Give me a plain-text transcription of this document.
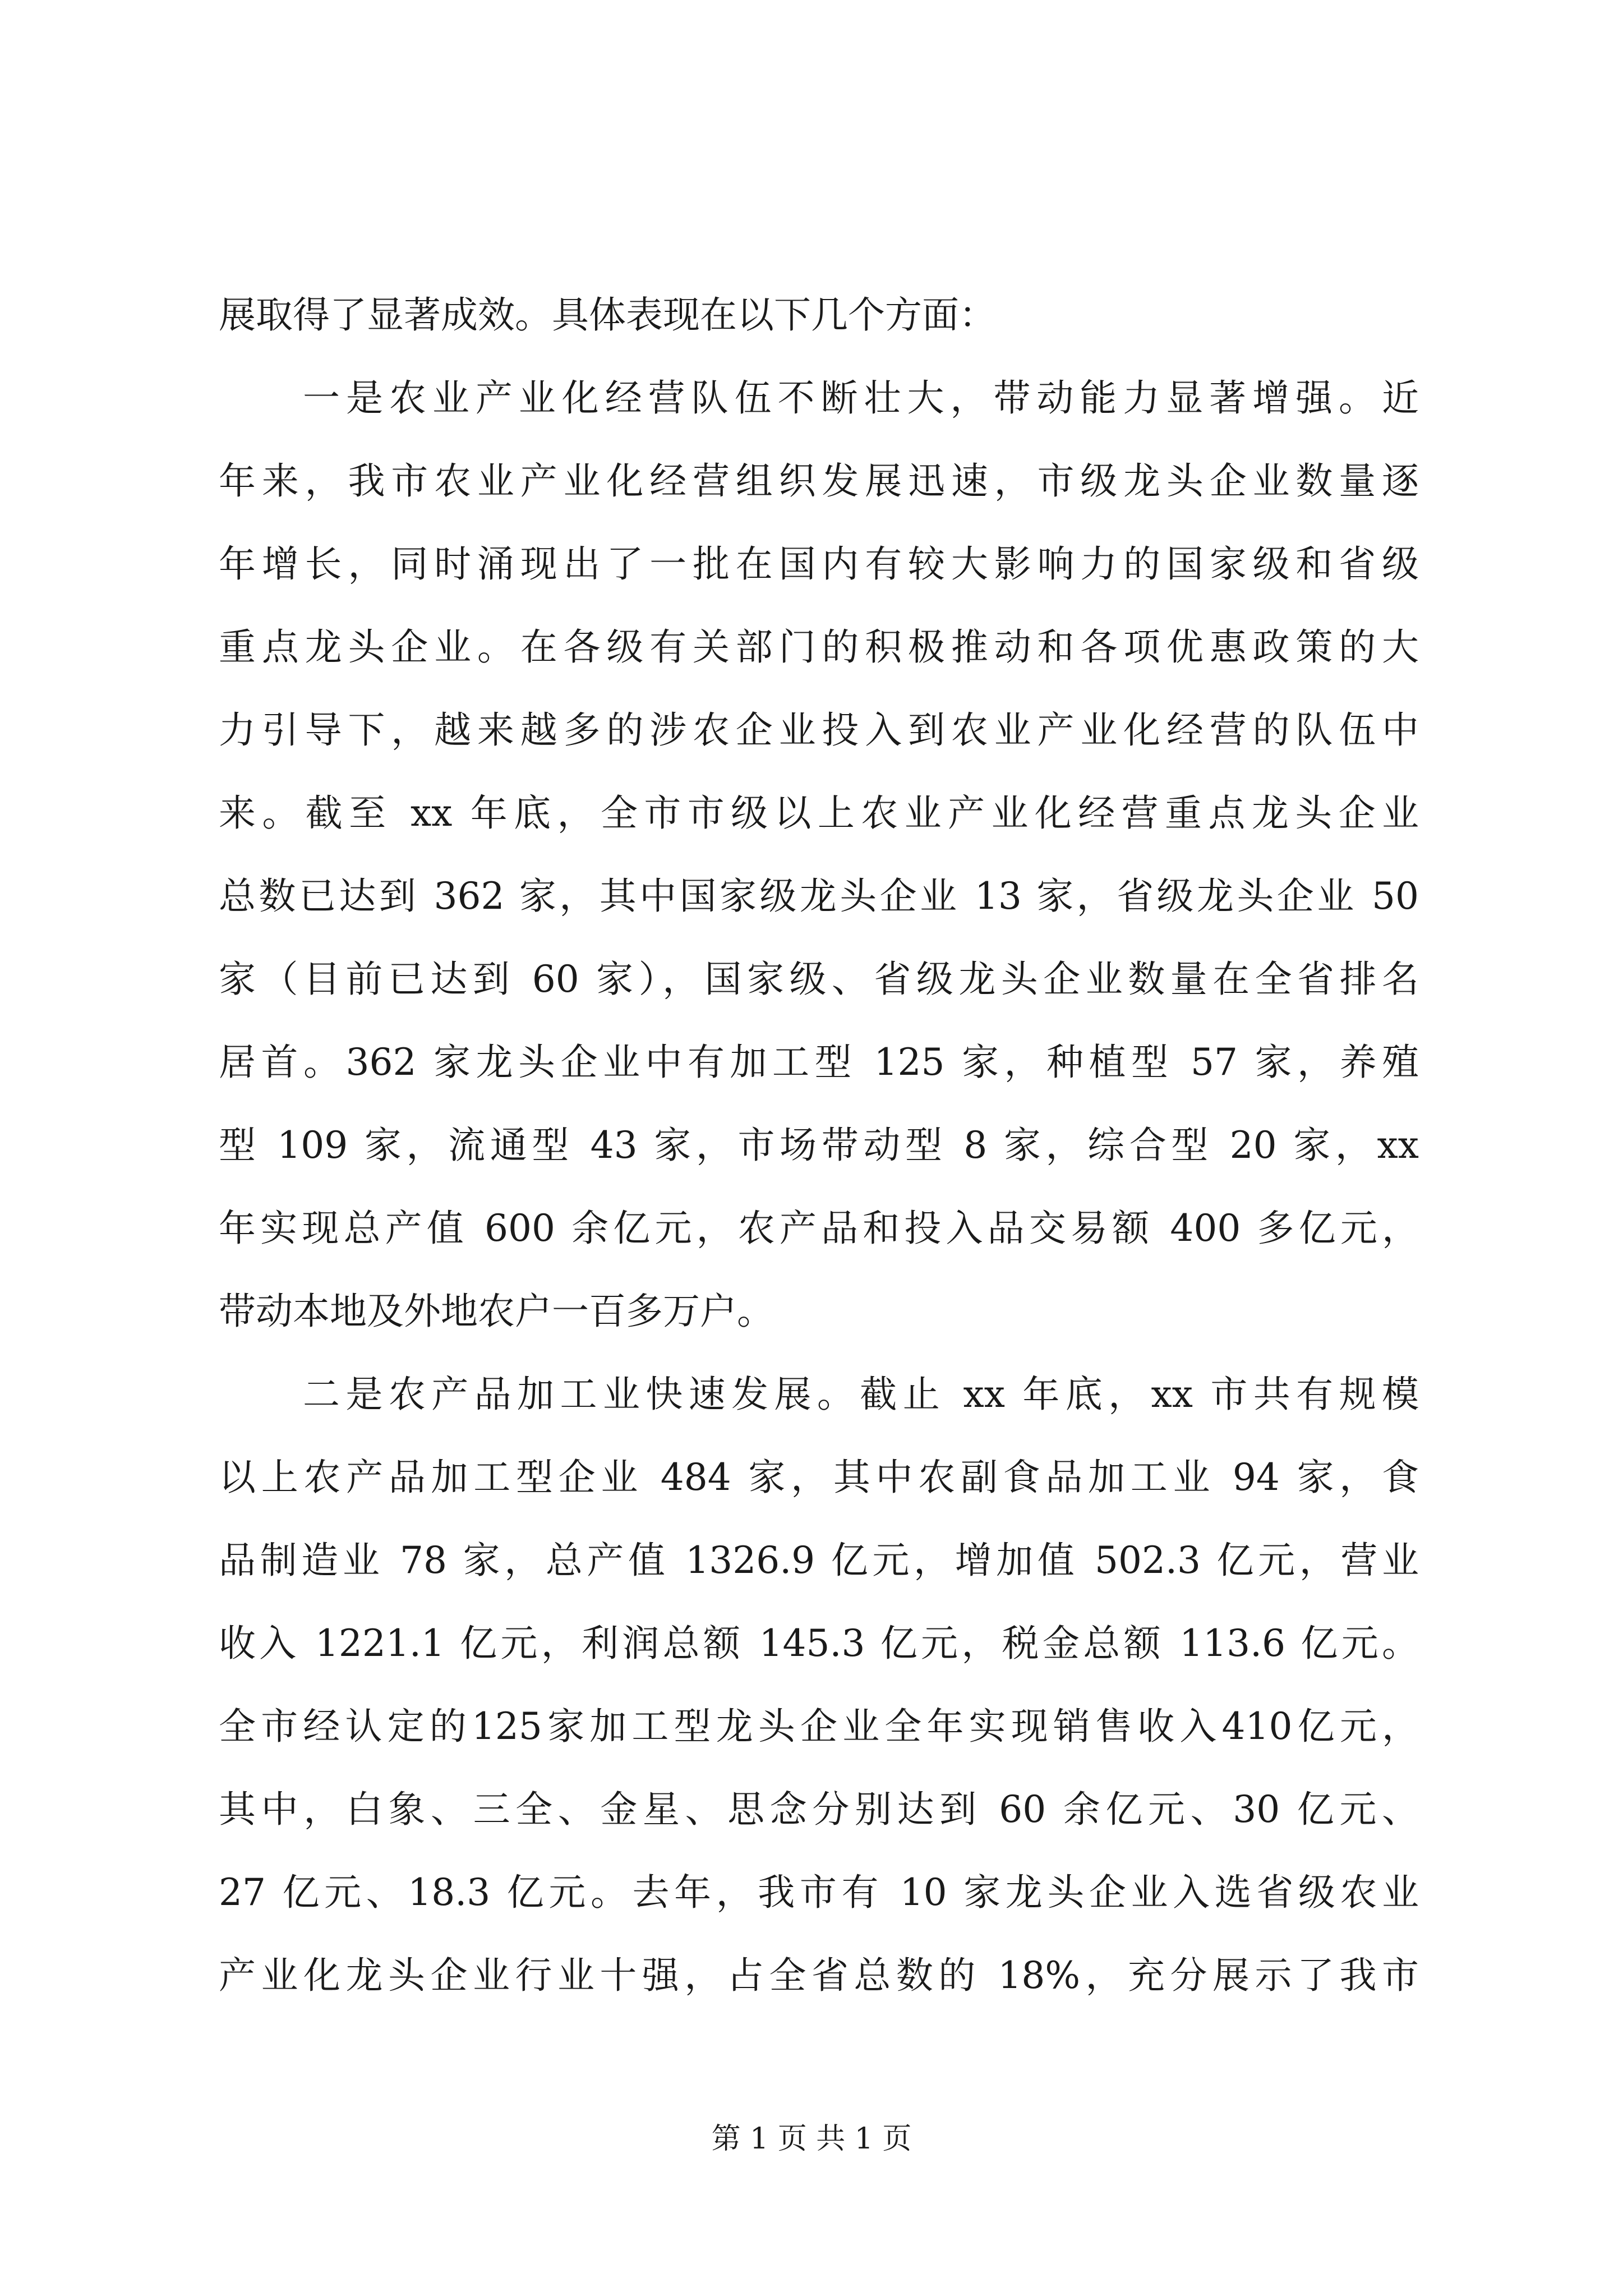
展取得了显著成效。具体表现在以下几个方面：
一是农业产业化经营队伍不断壮大，带动能力显著增强。近
年来，我市农业产业化经营组织发展迅速，市级龙头企业数量逐
年增长，同时涌现出了一批在国内有较大影响力的国家级和省级
重点龙头企业。在各级有关部门的积极推动和各项优惠政策的大
力引导下，越来越多的涉农企业投入到农业产业化经营的队伍中
来。截至 xx 年底，全市市级以上农业产业化经营重点龙头企业
总数已达到 362 家，其中国家级龙头企业 13 家，省级龙头企业 50
家（目前已达到 60 家），国家级、省级龙头企业数量在全省排名
居首。362 家龙头企业中有加工型 125 家，种植型 57 家，养殖
型 109 家，流通型 43 家，市场带动型 8 家，综合型 20 家，xx
年实现总产值 600 余亿元，农产品和投入品交易额 400 多亿元，
带动本地及外地农户一百多万户。
二是农产品加工业快速发展。截止 xx 年底，xx 市共有规模
以上农产品加工型企业 484 家，其中农副食品加工业 94 家，食
品制造业 78 家，总产值 1326.9 亿元，增加值 502.3 亿元，营业
收入 1221.1 亿元，利润总额 145.3 亿元，税金总额 113.6 亿元。
全市经认定的125家加工型龙头企业全年实现销售收入410亿元，
其中，白象、三全、金星、思念分别达到 60 余亿元、30 亿元、
27 亿元、18.3 亿元。去年，我市有 10 家龙头企业入选省级农业
产业化龙头企业行业十强，占全省总数的 18%，充分展示了我市
第 1 页 共 1 页
